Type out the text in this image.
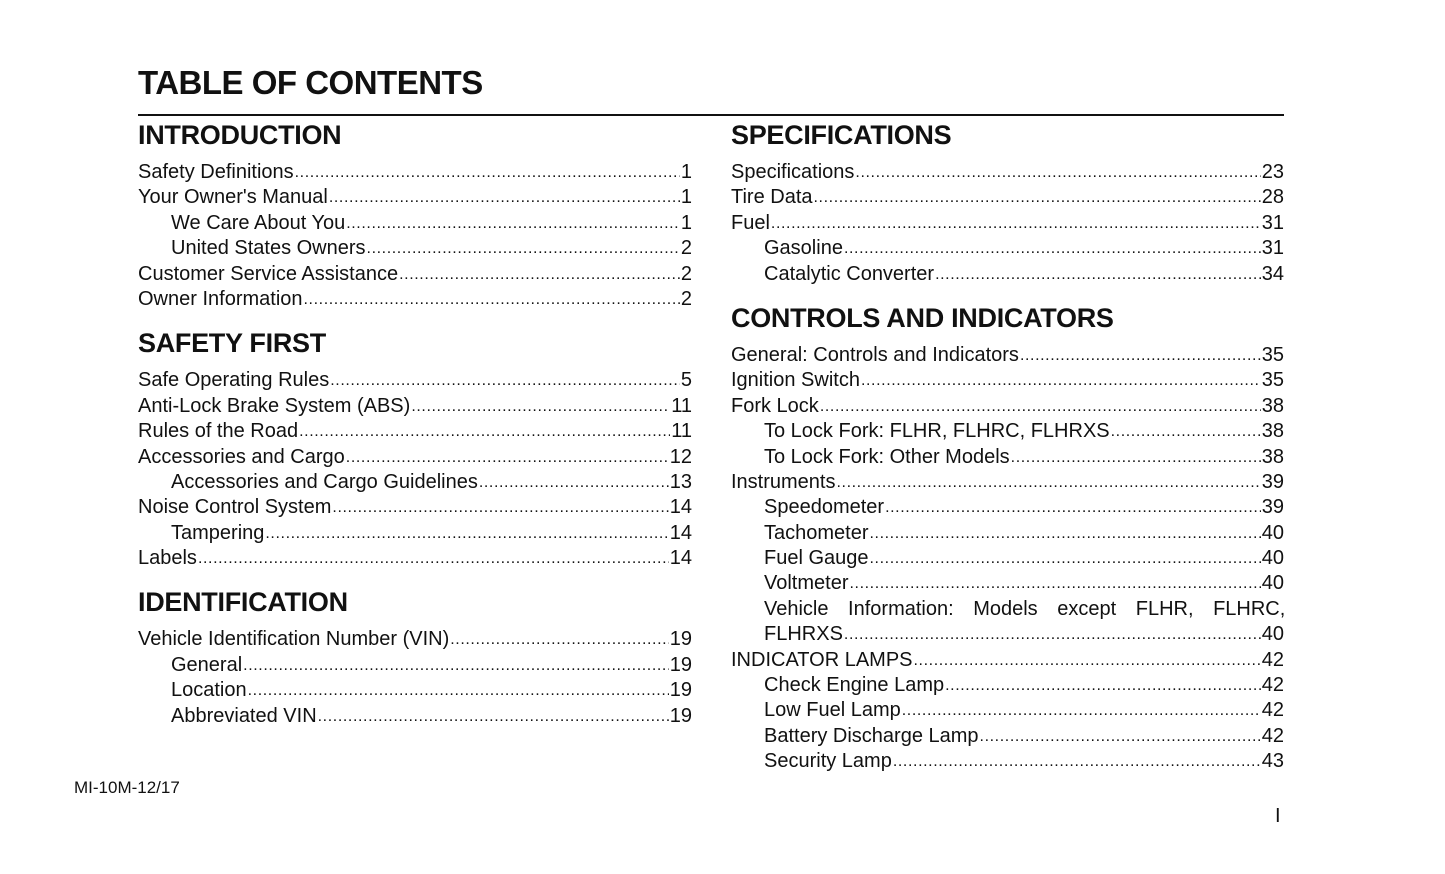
TABLE OF CONTENTS
INTRODUCTION
Safety Definitions .....	1
Your Owner's Manual .....	1
We Care About You .....	1
United States Owners .....	2
Customer Service Assistance .....	2
Owner Information .....	2
SAFETY FIRST
Safe Operating Rules .....	5
Anti-Lock Brake System (ABS) .....	11
Rules of the Road .....	11
Accessories and Cargo .....	12
Accessories and Cargo Guidelines .....	13
Noise Control System .....	14
Tampering .....	14
Labels .....	14
IDENTIFICATION
Vehicle Identification Number (VIN) .....	19
General .....	19
Location .....	19
Abbreviated VIN .....	19
SPECIFICATIONS
Specifications .....	23
Tire Data .....	28
Fuel .....	31
Gasoline .....	31
Catalytic Converter .....	34
CONTROLS AND INDICATORS
General: Controls and Indicators .....	35
Ignition Switch .....	35
Fork Lock .....	38
To Lock Fork: FLHR, FLHRC, FLHRXS .....	38
To Lock Fork: Other Models .....	38
Instruments .....	39
Speedometer .....	39
Tachometer .....	40
Fuel Gauge .....	40
Voltmeter .....	40
Vehicle Information: Models except FLHR, FLHRC,
FLHRXS .....	40
INDICATOR LAMPS .....	42
Check Engine Lamp .....	42
Low Fuel Lamp .....	42
Battery Discharge Lamp .....	42
Security Lamp .....	43
MI-10M-12/17
I
